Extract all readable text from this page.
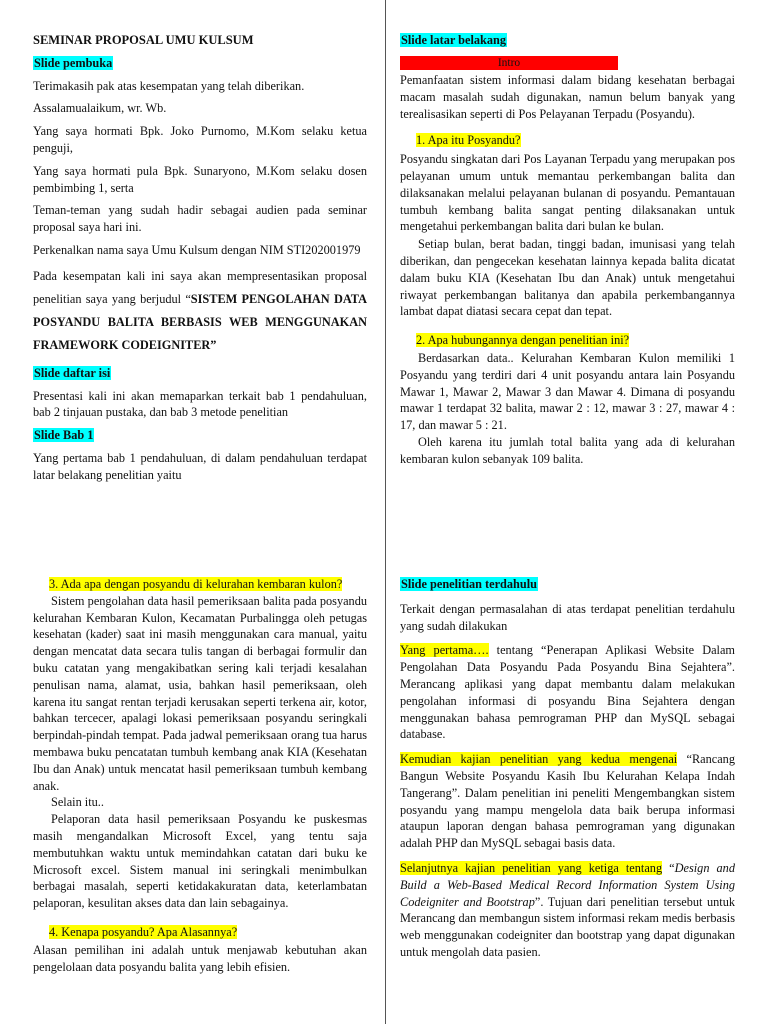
SEMINAR PROPOSAL UMU KULSUM

Slide pembuka

Terimakasih pak atas kesempatan yang telah diberikan.

Assalamualaikum, wr. Wb.

Yang saya hormati Bpk. Joko Purnomo, M.Kom selaku ketua penguji,

Yang saya hormati pula Bpk. Sunaryono, M.Kom selaku dosen pembimbing 1, serta

Teman-teman yang sudah hadir sebagai audien pada seminar proposal saya hari ini.

Perkenalkan nama saya Umu Kulsum dengan NIM STI202001979

Pada kesempatan kali ini saya akan mempresentasikan proposal penelitian saya yang berjudul “SISTEM PENGOLAHAN DATA POSYANDU BALITA BERBASIS WEB MENGGUNAKAN FRAMEWORK CODEIGNITER”

Slide daftar isi

Presentasi kali ini akan memaparkan terkait bab 1 pendahuluan, bab 2 tinjauan pustaka, dan bab 3 metode penelitian

Slide Bab 1

Yang pertama bab 1 pendahuluan, di dalam pendahuluan terdapat latar belakang penelitian yaitu

Slide latar belakang

Intro

Pemanfaatan sistem informasi dalam bidang kesehatan berbagai macam masalah sudah digunakan, namun belum banyak yang terealisasikan seperti di Pos Pelayanan Terpadu (Posyandu).

1. Apa itu Posyandu?

Posyandu singkatan dari Pos Layanan Terpadu yang merupakan pos pelayanan umum untuk memantau perkembangan balita dan dilaksanakan melalui pelayanan bulanan di posyandu. Pemantauan tumbuh kembang balita sangat penting dilaksanakan untuk mengetahui perkembangan balita dari bulan ke bulan.

Setiap bulan, berat badan, tinggi badan, imunisasi yang telah diberikan, dan pengecekan kesehatan lainnya kepada balita dicatat dalam buku KIA (Kesehatan Ibu dan Anak) untuk mengetahui riwayat perkembangan balitanya dan apabila perkembangannya lambat dapat diatasi secara cepat dan tepat.

2. Apa hubungannya dengan penelitian ini?

Berdasarkan data.. Kelurahan Kembaran Kulon memiliki 1 Posyandu yang terdiri dari 4 unit posyandu antara lain Posyandu Mawar 1, Mawar 2, Mawar 3 dan Mawar 4. Dimana di posyandu mawar 1 terdapat 32 balita, mawar 2 : 12, mawar 3 : 27, mawar 4 : 17, dan mawar 5 : 21.

Oleh karena itu jumlah total balita yang ada di kelurahan kembaran kulon sebanyak 109 balita.

3. Ada apa dengan posyandu di kelurahan kembaran kulon?

Sistem pengolahan data hasil pemeriksaan balita pada posyandu kelurahan Kembaran Kulon, Kecamatan Purbalingga oleh petugas kesehatan (kader) saat ini masih menggunakan cara manual, yaitu dengan mencatat data secara tulis tangan di berbagai formulir dan buku catatan yang mengakibatkan sering kali terjadi kesalahan penulisan nama, alamat, usia, bahkan hasil pemeriksaan, oleh karena itu sangat rentan terjadi kerusakan seperti terkena air, kotor, bahkan tercecer, apalagi lokasi pemeriksaan posyandu seringkali berpindah-pindah tempat. Pada jadwal pemeriksaan orang tua harus membawa buku pencatatan tumbuh kembang anak KIA (Kesehatan Ibu dan Anak) untuk mencatat hasil pemeriksaan tumbuh kembang anak.

Selain itu..

Pelaporan data hasil pemeriksaan Posyandu ke puskesmas masih mengandalkan Microsoft Excel, yang tentu saja membutuhkan waktu untuk memindahkan catatan dari buku ke Microsoft excel. Sistem manual ini seringkali menimbulkan berbagai masalah, seperti ketidakakuratan data, keterlambatan pelaporan, kesulitan akses data dan lain sebagainya.

4. Kenapa posyandu? Apa Alasannya?

Alasan pemilihan ini adalah untuk menjawab kebutuhan akan pengelolaan data posyandu balita yang lebih efisien.

Slide penelitian terdahulu

Terkait dengan permasalahan di atas terdapat penelitian terdahulu yang sudah dilakukan

Yang pertama…. tentang “Penerapan Aplikasi Website Dalam Pengolahan Data Posyandu Pada Posyandu Bina Sejahtera”. Merancang aplikasi yang dapat membantu dalam melakukan pengolahan informasi di posyandu Bina Sejahtera dengan menggunakan bahasa pemrograman PHP dan MySQL sebagai database.

Kemudian kajian penelitian yang kedua mengenai “Rancang Bangun Website Posyandu Kasih Ibu Kelurahan Kelapa Indah Tangerang”. Dalam penelitian ini peneliti Mengembangkan sistem posyandu yang mampu mengelola data baik berupa informasi ataupun laporan dengan bahasa pemrograman yang digunakan adalah PHP dan MySQL sebagai basis data.

Selanjutnya kajian penelitian yang ketiga tentang “Design and Build a Web-Based Medical Record Information System Using Codeigniter and Bootstrap”. Tujuan dari penelitian tersebut untuk Merancang dan membangun sistem informasi rekam medis berbasis web menggunakan codeigniter dan bootstrap yang dapat digunakan untuk mengolah data pasien.
